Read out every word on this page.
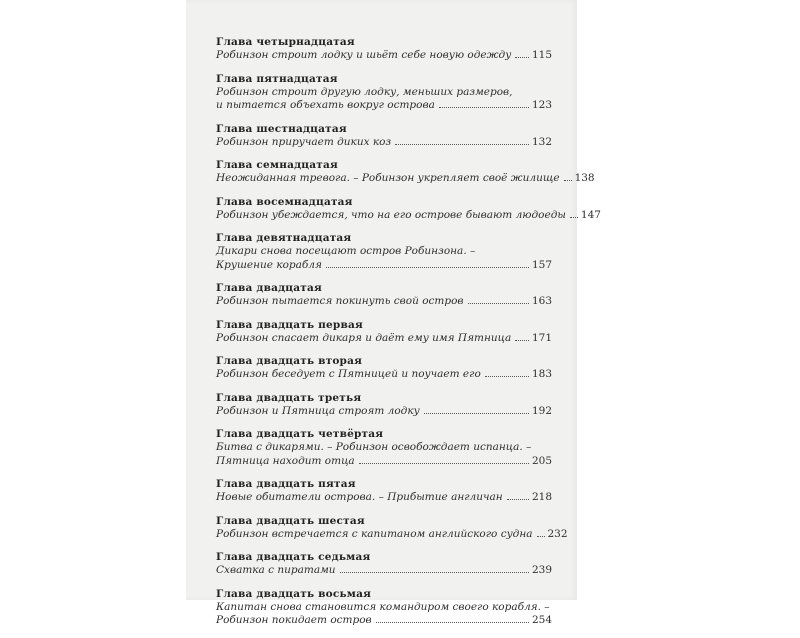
Глава четырнадцатая
Робинзон строит лодку и шьёт себе новую одежду 115
Глава пятнадцатая
Робинзон строит другую лодку, меньших размеров,
и пытается объехать вокруг острова	123
Глава шестнадцатая
Робинзон приручает диких коз	132
Глава семнадцатая
Неожиданная тревога. – Робинзон укрепляет своё жилище 138
Глава восемнадцатая
Робинзон убеждается, что на его острове бывают людоеды 147
Глава девятнадцатая
Дикари снова посещают остров Робинзона. –
Крушение корабля	157
Глава двадцатая
Робинзон пытается покинуть свой остров	163
Глава двадцать первая
Робинзон спасает дикаря и даёт ему имя Пятница 171
Глава двадцать вторая
Робинзон беседует с Пятницей и поучает его	183
Глава двадцать третья
Робинзон и Пятница строят лодку	192
Глава двадцать четвёртая
Битва с дикарями. – Робинзон освобождает испанца. –
Пятница находит отца	205
Глава двадцать пятая
Новые обитатели острова. – Прибытие англичан	218
Глава двадцать шестая
Робинзон встречается с капитаном английского судна 232
Глава двадцать седьмая
Схватка с пиратами	239
Глава двадцать восьмая
Капитан снова становится командиром своего корабля. –
Робинзон покидает остров	254
